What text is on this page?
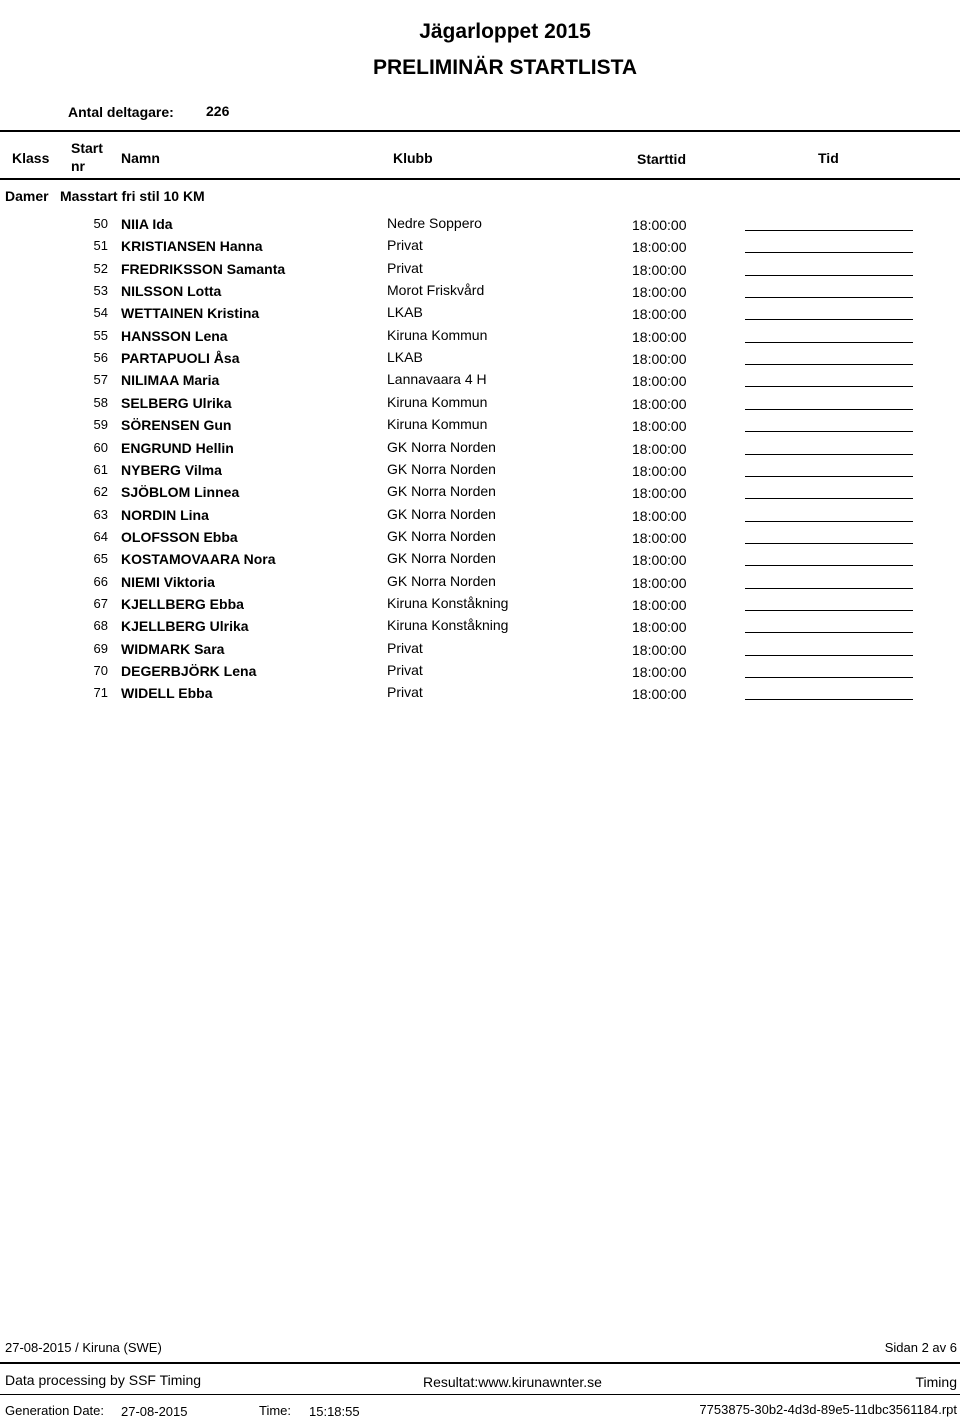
Jägarloppet 2015
PRELIMINÄR STARTLISTA
Antal deltagare: 226
Klass
Start
nr	Namn	Klubb	Starttid	Tid
Damer Masstart fri stil 10 KM
50 NIIA Ida	Nedre Soppero	18:00:00
51 KRISTIANSEN Hanna	Privat	18:00:00
52 FREDRIKSSON Samanta	Privat	18:00:00
53 NILSSON Lotta	Morot Friskvård	18:00:00
54 WETTAINEN Kristina	LKAB	18:00:00
55 HANSSON Lena	Kiruna Kommun	18:00:00
56 PARTAPUOLI Åsa	LKAB	18:00:00
57 NILIMAA Maria	Lannavaara 4 H	18:00:00
58 SELBERG Ulrika	Kiruna Kommun	18:00:00
59 SÖRENSEN Gun	Kiruna Kommun	18:00:00
60 ENGRUND Hellin	GK Norra Norden	18:00:00
61 NYBERG Vilma	GK Norra Norden	18:00:00
62 SJÖBLOM Linnea	GK Norra Norden	18:00:00
63 NORDIN Lina	GK Norra Norden	18:00:00
64 OLOFSSON Ebba	GK Norra Norden	18:00:00
65 KOSTAMOVAARA Nora	GK Norra Norden	18:00:00
66 NIEMI Viktoria	GK Norra Norden	18:00:00
67 KJELLBERG Ebba	Kiruna Konståkning	18:00:00
68 KJELLBERG Ulrika	Kiruna Konståkning	18:00:00
69 WIDMARK Sara	Privat	18:00:00
70 DEGERBJÖRK Lena	Privat	18:00:00
71 WIDELL Ebba	Privat	18:00:00
27-08-2015 / Kiruna (SWE)	Sidan 2 av 6
Data processing by SSF Timing	Resultat:www.kirunawnter.se	Timing
Generation Date: 27-08-2015	Time: 15:18:55	7753875-30b2-4d3d-89e5-11dbc3561184.rpt
